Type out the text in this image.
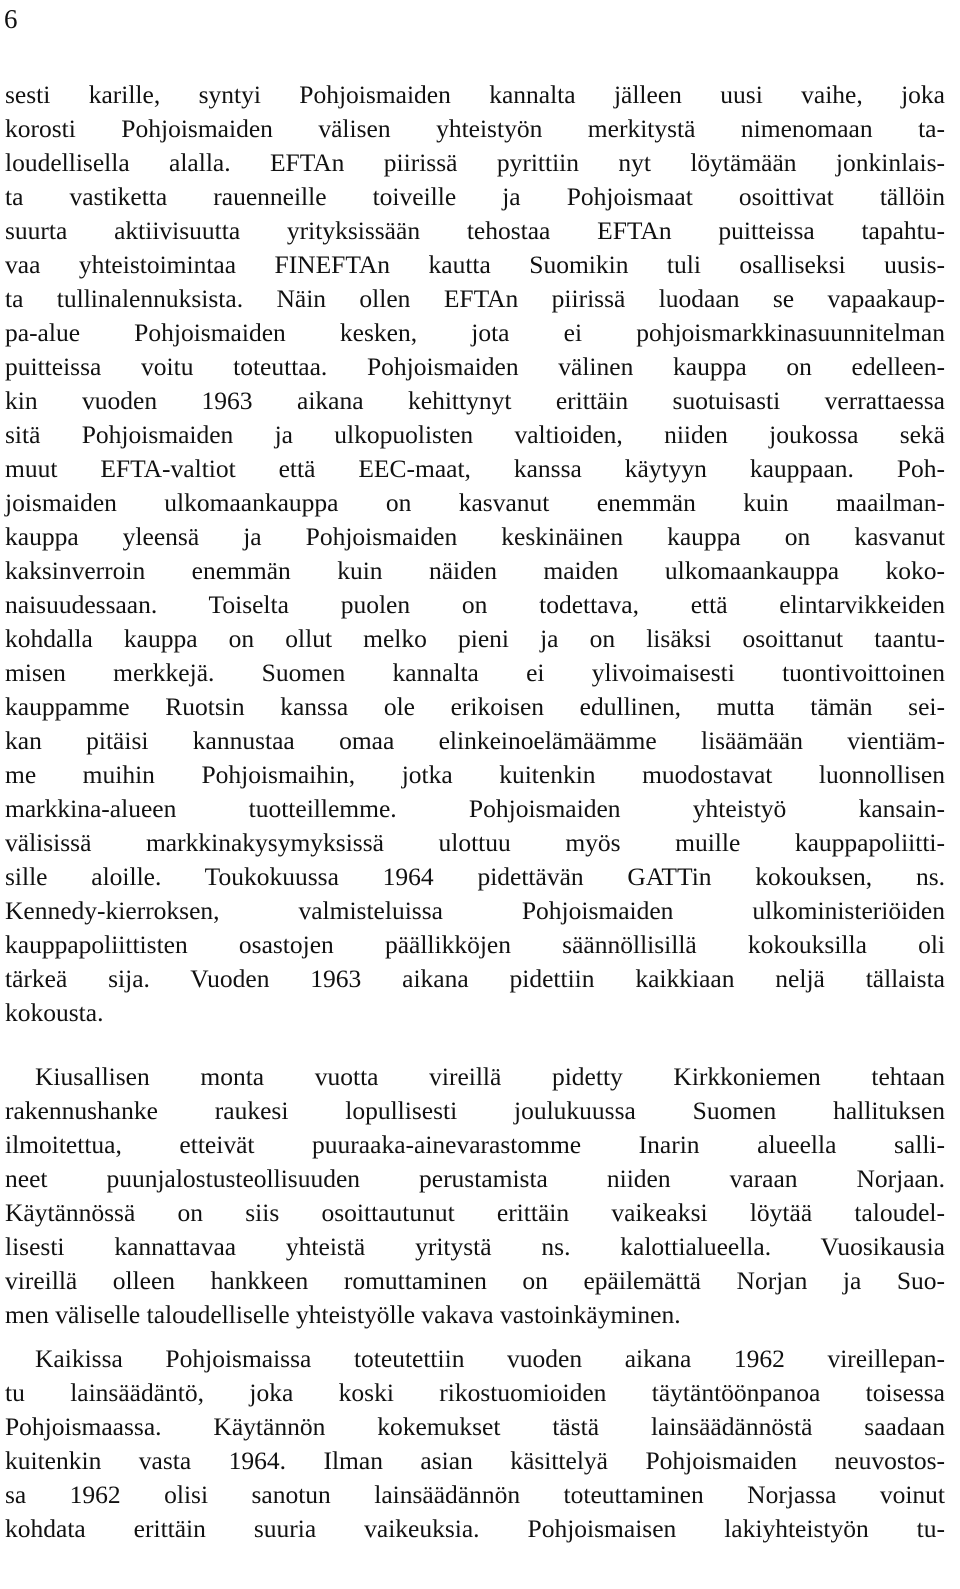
6
sesti karille, syntyi Pohjoismaiden kannalta jälleen uusi vaihe, joka
korosti Pohjoismaiden välisen yhteistyön merkitystä nimenomaan ta-
loudellisella alalla. EFTAn piirissä pyrittiin nyt löytämään jonkinlais-
ta vastiketta rauenneille toiveille ja Pohjoismaat osoittivat tällöin
suurta aktiivisuutta yrityksissään tehostaa EFTAn puitteissa tapahtu-
vaa yhteistoimintaa FINEFTAn kautta Suomikin tuli osalliseksi uusis-
ta tullinalennuksista. Näin ollen EFTAn piirissä luodaan se vapaakaup-
pa-alue Pohjoismaiden kesken, jota ei pohjoismarkkinasuunnitelman
puitteissa voitu toteuttaa. Pohjoismaiden välinen kauppa on edelleen-
kin vuoden 1963 aikana kehittynyt erittäin suotuisasti verrattaessa
sitä Pohjoismaiden ja ulkopuolisten valtioiden, niiden joukossa sekä
muut EFTA-valtiot että EEC-maat, kanssa käytyyn kauppaan. Poh-
joismaiden ulkomaankauppa on kasvanut enemmän kuin maailman-
kauppa yleensä ja Pohjoismaiden keskinäinen kauppa on kasvanut
kaksinverroin enemmän kuin näiden maiden ulkomaankauppa koko-
naisuudessaan. Toiselta puolen on todettava, että elintarvikkeiden
kohdalla kauppa on ollut melko pieni ja on lisäksi osoittanut taantu-
misen merkkejä. Suomen kannalta ei ylivoimaisesti tuontivoittoinen
kauppamme Ruotsin kanssa ole erikoisen edullinen, mutta tämän sei-
kan pitäisi kannustaa omaa elinkeinoelämäämme lisäämään vientiäm-
me muihin Pohjoismaihin, jotka kuitenkin muodostavat luonnollisen
markkina-alueen tuotteillemme. Pohjoismaiden yhteistyö kansain-
välisissä markkinakysymyksissä ulottuu myös muille kauppapoliitti-
sille aloille. Toukokuussa 1964 pidettävän GATTin kokouksen, ns.
Kennedy-kierroksen, valmisteluissa Pohjoismaiden ulkoministeriöiden
kauppapoliittisten osastojen päällikköjen säännöllisillä kokouksilla oli
tärkeä sija. Vuoden 1963 aikana pidettiin kaikkiaan neljä tällaista
kokousta.
Kiusallisen monta vuotta vireillä pidetty Kirkkoniemen tehtaan
rakennushanke raukesi lopullisesti joulukuussa Suomen hallituksen
ilmoitettua, etteivät puuraaka-ainevarastomme Inarin alueella salli-
neet puunjalostusteollisuuden perustamista niiden varaan Norjaan.
Käytännössä on siis osoittautunut erittäin vaikeaksi löytää taloudel-
lisesti kannattavaa yhteistä yritystä ns. kalottialueella. Vuosikausia
vireillä olleen hankkeen romuttaminen on epäilemättä Norjan ja Suo-
men väliselle taloudelliselle yhteistyölle vakava vastoinkäyminen.
Kaikissa Pohjoismaissa toteutettiin vuoden aikana 1962 vireillepan-
tu lainsäädäntö, joka koski rikostuomioiden täytäntöönpanoa toisessa
Pohjoismaassa. Käytännön kokemukset tästä lainsäädännöstä saadaan
kuitenkin vasta 1964. Ilman asian käsittelyä Pohjoismaiden neuvostos-
sa 1962 olisi sanotun lainsäädännön toteuttaminen Norjassa voinut
kohdata erittäin suuria vaikeuksia. Pohjoismaisen lakiyhteistyön tu-
